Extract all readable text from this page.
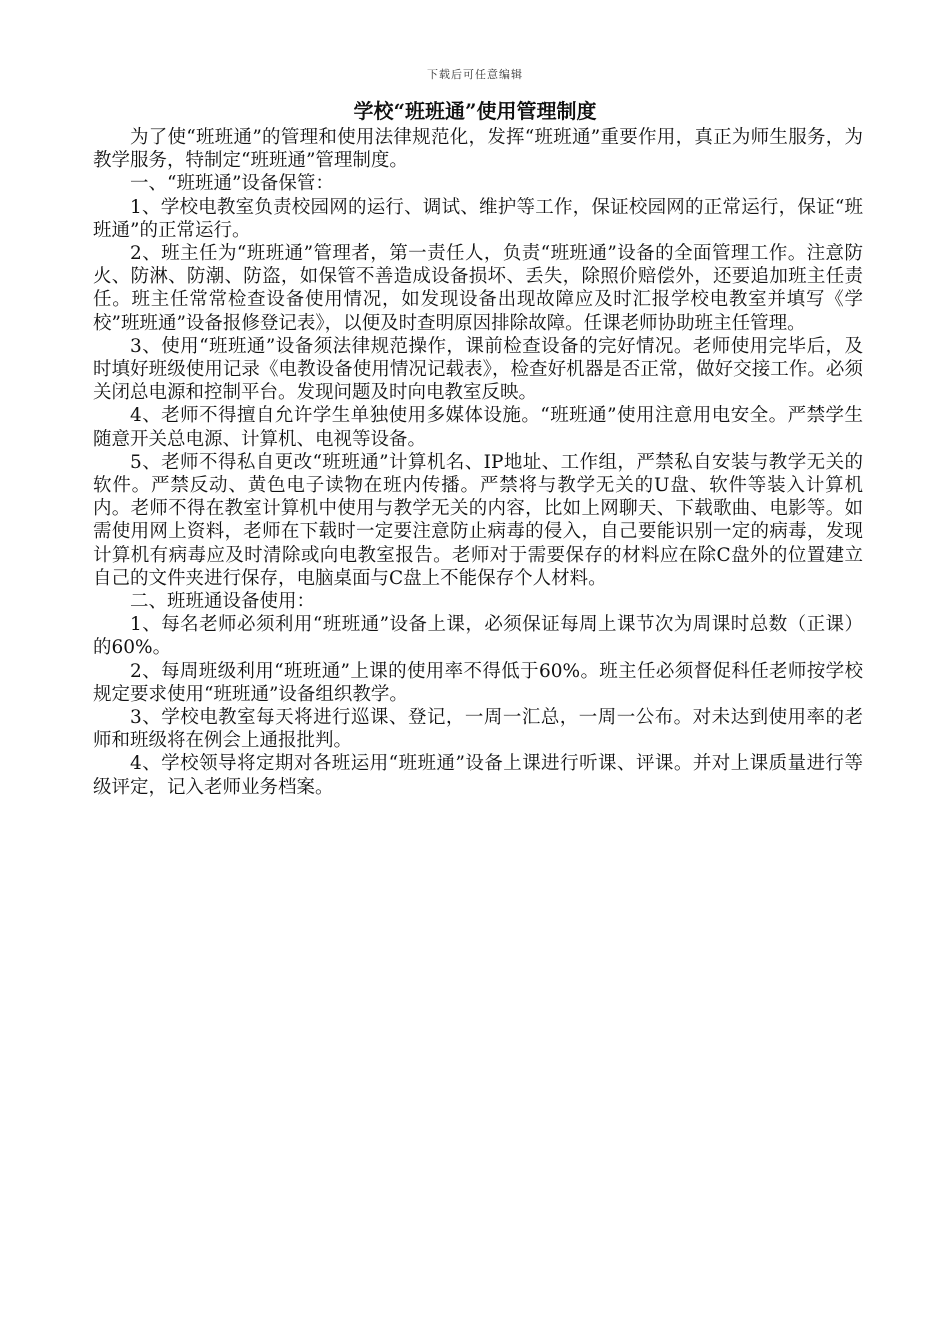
下载后可任意编辑
学校“班班通”使用管理制度

为了使“班班通”的管理和使用法律规范化，发挥“班班通”重要作用，真正为师生服务，为教学服务，特制定“班班通”管理制度。

一、“班班通”设备保管：

1、学校电教室负责校园网的运行、调试、维护等工作，保证校园网的正常运行，保证“班班通”的正常运行。

2、班主任为“班班通”管理者，第一责任人，负责“班班通”设备的全面管理工作。注意防火、防淋、防潮、防盗，如保管不善造成设备损坏、丢失，除照价赔偿外，还要追加班主任责任。班主任常常检查设备使用情况，如发现设备出现故障应及时汇报学校电教室并填写《学校”班班通”设备报修登记表》，以便及时查明原因排除故障。任课老师协助班主任管理。

3、使用“班班通”设备须法律规范操作，课前检查设备的完好情况。老师使用完毕后，及时填好班级使用记录《电教设备使用情况记载表》，检查好机器是否正常，做好交接工作。必须关闭总电源和控制平台。发现问题及时向电教室反映。

4、老师不得擅自允许学生单独使用多媒体设施。“班班通”使用注意用电安全。严禁学生随意开关总电源、计算机、电视等设备。

5、老师不得私自更改“班班通”计算机名、IP地址、工作组，严禁私自安装与教学无关的软件。严禁反动、黄色电子读物在班内传播。严禁将与教学无关的U盘、软件等装入计算机内。老师不得在教室计算机中使用与教学无关的内容，比如上网聊天、下载歌曲、电影等。如需使用网上资料，老师在下载时一定要注意防止病毒的侵入，自己要能识别一定的病毒，发现计算机有病毒应及时清除或向电教室报告。老师对于需要保存的材料应在除C盘外的位置建立自己的文件夹进行保存，电脑桌面与C盘上不能保存个人材料。

二、班班通设备使用：

1、每名老师必须利用“班班通”设备上课，必须保证每周上课节次为周课时总数（正课）的60%。

2、每周班级利用“班班通”上课的使用率不得低于60%。班主任必须督促科任老师按学校规定要求使用“班班通”设备组织教学。

3、学校电教室每天将进行巡课、登记，一周一汇总，一周一公布。对未达到使用率的老师和班级将在例会上通报批判。

4、学校领导将定期对各班运用“班班通”设备上课进行听课、评课。并对上课质量进行等级评定，记入老师业务档案。
